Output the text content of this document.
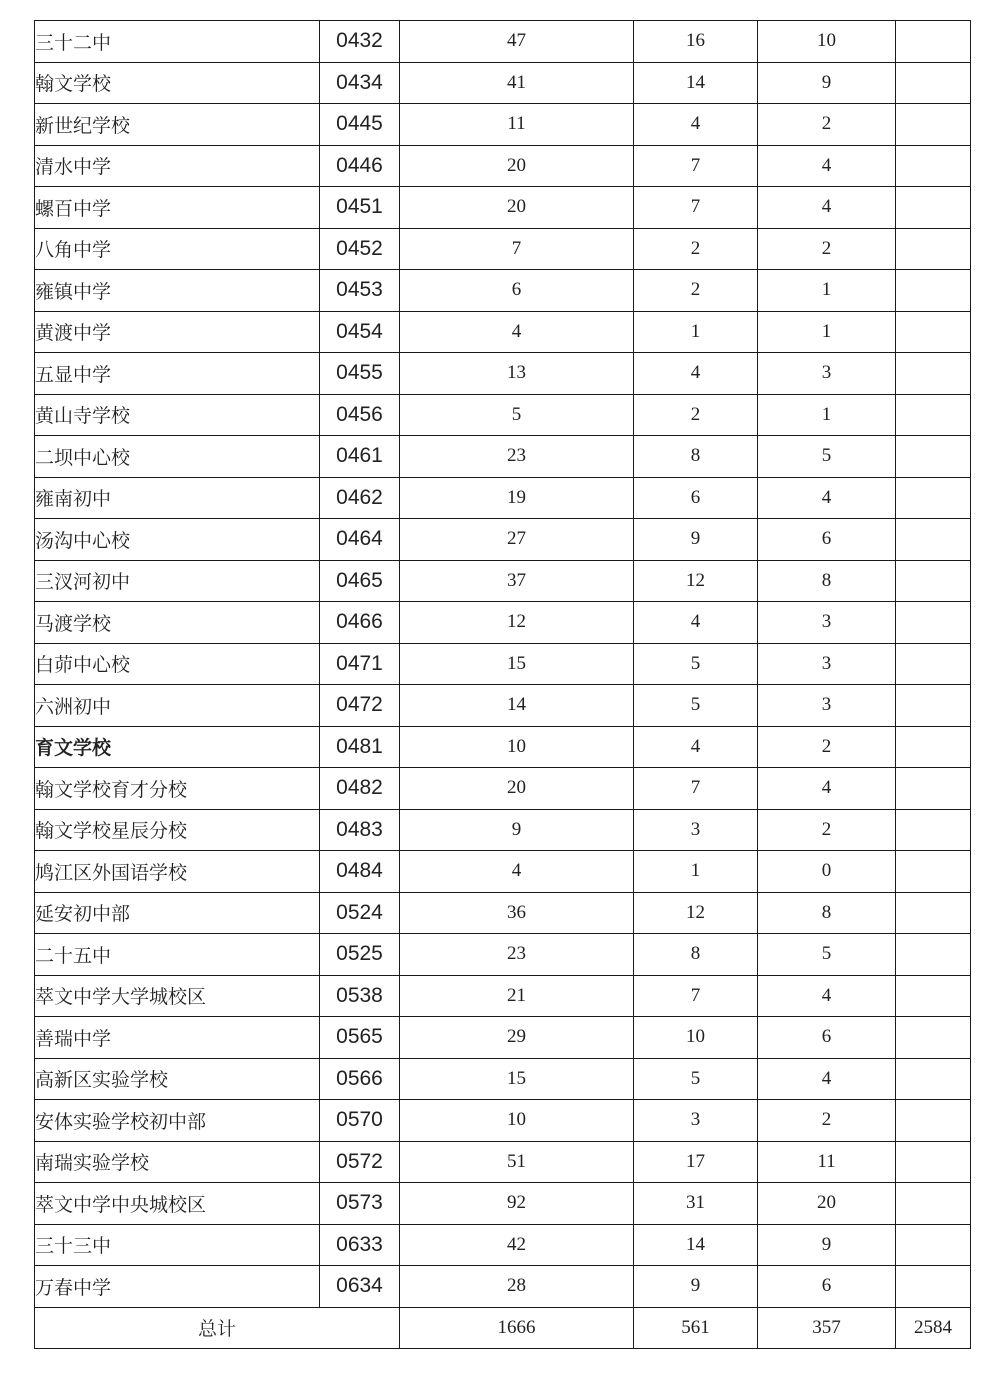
三十二中	0432	47	16	10	
翰文学校	0434	41	14	9	
新世纪学校	0445	11	4	2	
清水中学	0446	20	7	4	
螺百中学	0451	20	7	4	
八角中学	0452	7	2	2	
雍镇中学	0453	6	2	1	
黄渡中学	0454	4	1	1	
五显中学	0455	13	4	3	
黄山寺学校	0456	5	2	1	
二坝中心校	0461	23	8	5	
雍南初中	0462	19	6	4	
汤沟中心校	0464	27	9	6	
三汊河初中	0465	37	12	8	
马渡学校	0466	12	4	3	
白茆中心校	0471	15	5	3	
六洲初中	0472	14	5	3	
育文学校	0481	10	4	2	
翰文学校育才分校	0482	20	7	4	
翰文学校星辰分校	0483	9	3	2	
鸠江区外国语学校	0484	4	1	0	
延安初中部	0524	36	12	8	
二十五中	0525	23	8	5	
萃文中学大学城校区	0538	21	7	4	
善瑞中学	0565	29	10	6	
高新区实验学校	0566	15	5	4	
安体实验学校初中部	0570	10	3	2	
南瑞实验学校	0572	51	17	11	
萃文中学中央城校区	0573	92	31	20	
三十三中	0633	42	14	9	
万春中学	0634	28	9	6	
总计		1666	561	357	2584
